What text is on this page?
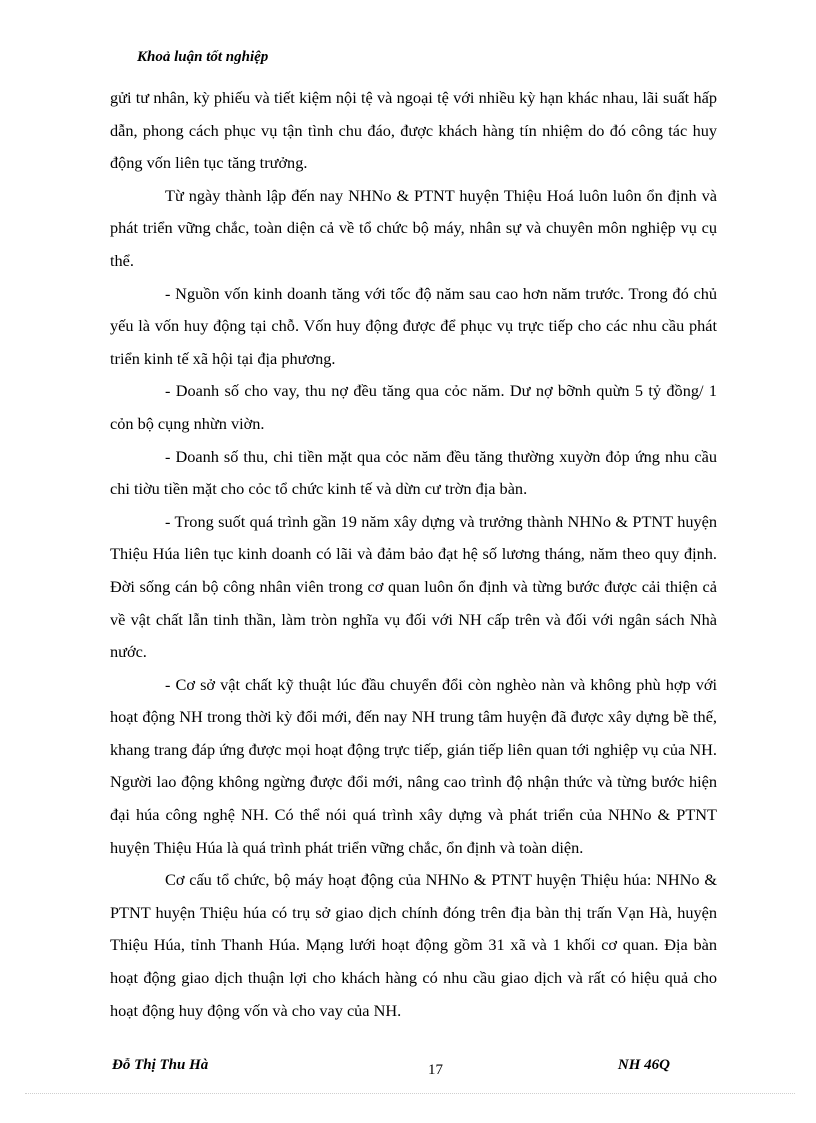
Khoả luận tốt nghiệp

gửi tư nhân, kỳ phiếu và tiết kiệm nội tệ và ngoại tệ với nhiều kỳ hạn khác nhau, lãi suất hấp dẫn, phong cách phục vụ tận tình chu đáo, được khách hàng tín nhiệm do đó công tác huy động vốn liên tục tăng trưởng.

Từ ngày thành lập đến nay NHNo & PTNT huyện Thiệu Hoá luôn luôn ổn định và phát triển vững chắc, toàn diện cả về tổ chức bộ máy, nhân sự và chuyên môn nghiệp vụ cụ thể.

- Nguồn vốn kinh doanh tăng với tốc độ năm sau cao hơn năm trước. Trong đó chủ yếu là vốn huy động tại chỗ. Vốn huy động được để phục vụ trực tiếp cho các nhu cầu phát triển kinh tế xã hội tại địa phương.

- Doanh số cho vay, thu nợ đều tăng qua cỏc năm. Dư nợ bỡnh quừn 5 tỷ đồng/ 1 cỏn bộ cụng nhừn viờn.

- Doanh số thu, chi tiền mặt qua cỏc năm đều tăng thường xuyờn đỏp ứng nhu cầu chi tiờu tiền mặt cho cỏc tổ chức kinh tế và dừn cư trờn địa bàn.

- Trong suốt quá trình gần 19 năm xây dựng và trưởng thành NHNo & PTNT huyện Thiệu Húa liên tục kinh doanh có lãi và đảm bảo đạt hệ số lương tháng, năm theo quy định. Đời sống cán bộ công nhân viên trong cơ quan luôn ổn định và từng bước được cải thiện cả về vật chất lẫn tinh thần, làm tròn nghĩa vụ đối với NH cấp trên và đối với ngân sách Nhà nước.

- Cơ sở vật chất kỹ thuật lúc đầu chuyển đổi còn nghèo nàn và không phù hợp với hoạt động NH trong thời kỳ đổi mới, đến nay NH trung tâm huyện đã được xây dựng bề thế, khang trang đáp ứng được mọi hoạt động trực tiếp, gián tiếp liên quan tới nghiệp vụ của NH. Người lao động không ngừng được đổi mới, nâng cao trình độ nhận thức và từng bước hiện đại húa công nghệ NH. Có thể nói quá trình xây dựng và phát triển của NHNo & PTNT huyện Thiệu Húa là quá trình phát triển vững chắc, ổn định và toàn diện.

Cơ cấu tổ chức, bộ máy hoạt động của NHNo & PTNT huyện Thiệu húa: NHNo & PTNT huyện Thiệu húa có trụ sở giao dịch chính đóng trên địa bàn thị trấn Vạn Hà, huyện Thiệu Húa, tỉnh Thanh Húa. Mạng lưới hoạt động gồm 31 xã và 1 khối cơ quan. Địa bàn hoạt động giao dịch thuận lợi cho khách hàng có nhu cầu giao dịch và rất có hiệu quả cho hoạt động huy động vốn và cho vay của NH.

Đỗ Thị Thu Hà	17	NH 46Q
